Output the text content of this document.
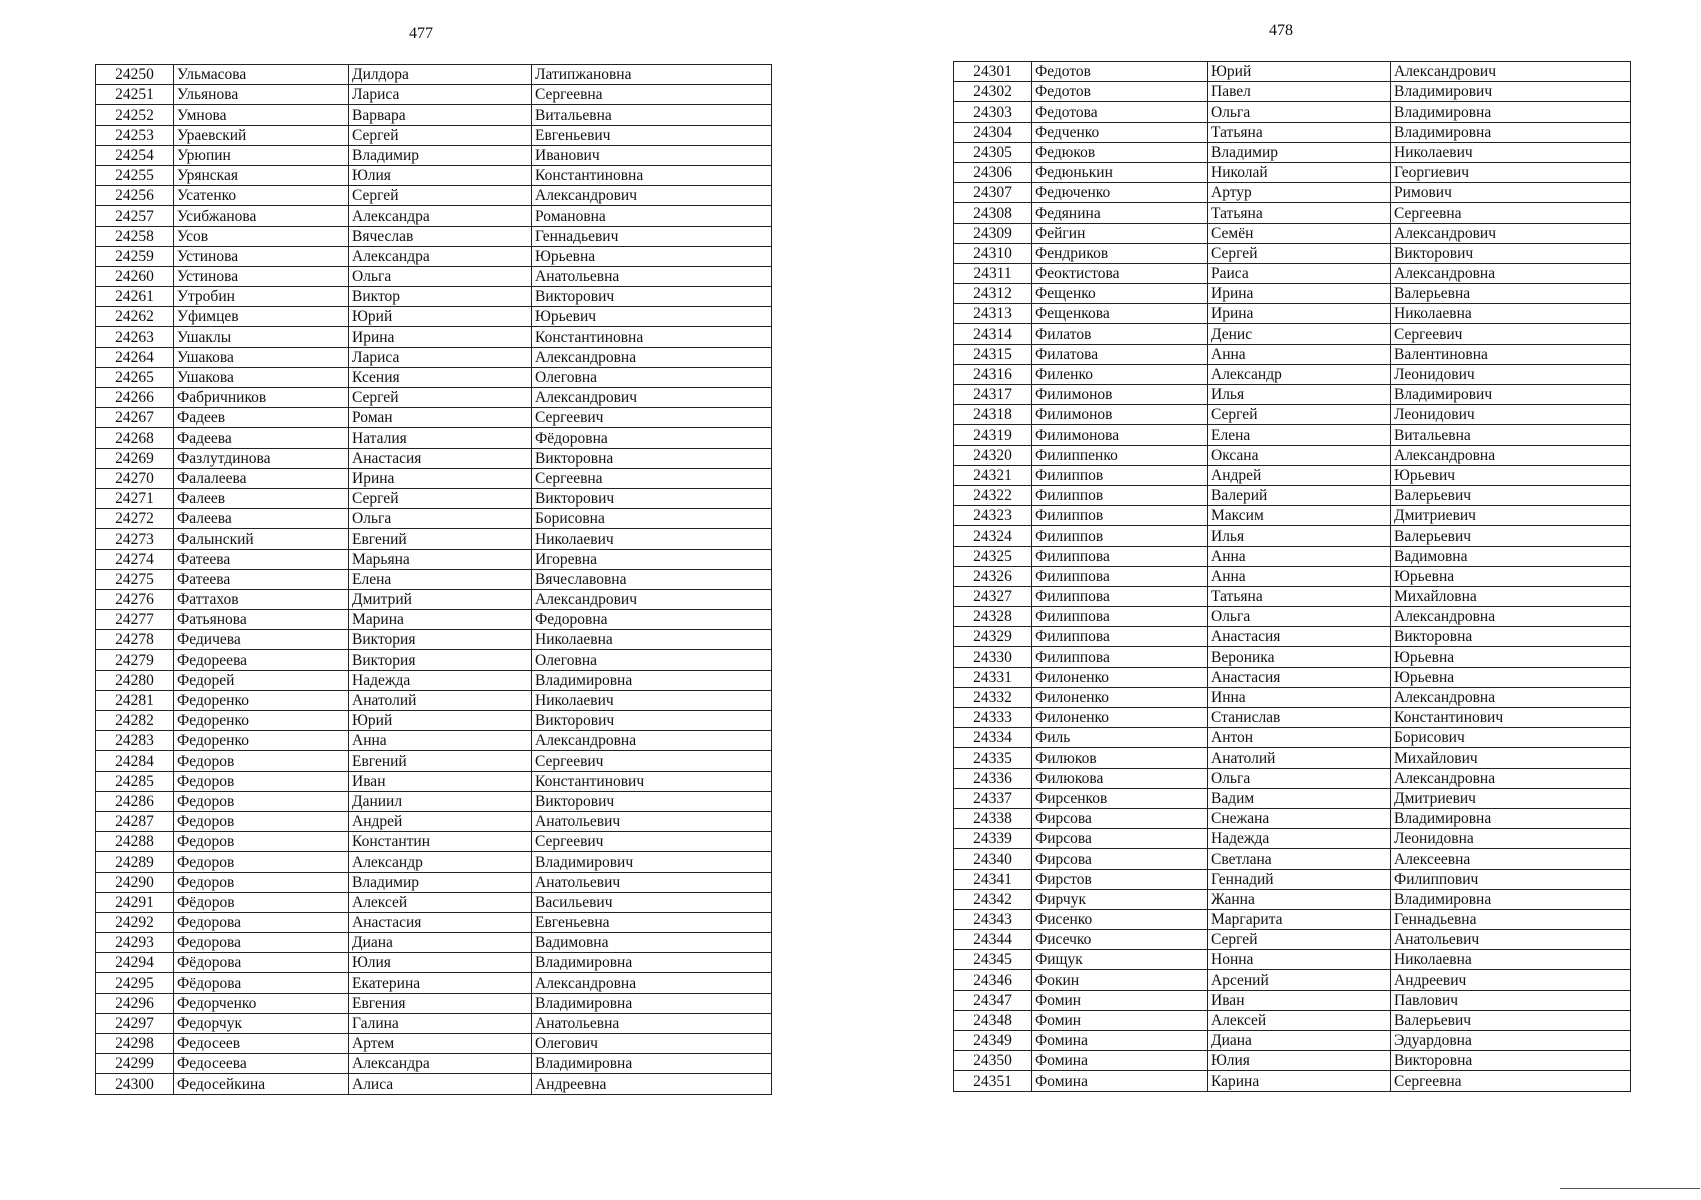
477
24250	Ульмасова	Дилдора	Латипжановна
24251	Ульянова	Лариса	Сергеевна
24252	Умнова	Варвара	Витальевна
24253	Ураевский	Сергей	Евгеньевич
24254	Урюпин	Владимир	Иванович
24255	Урянская	Юлия	Константиновна
24256	Усатенко	Сергей	Александрович
24257	Усибжанова	Александра	Романовна
24258	Усов	Вячеслав	Геннадьевич
24259	Устинова	Александра	Юрьевна
24260	Устинова	Ольга	Анатольевна
24261	Утробин	Виктор	Викторович
24262	Уфимцев	Юрий	Юрьевич
24263	Ушаклы	Ирина	Константиновна
24264	Ушакова	Лариса	Александровна
24265	Ушакова	Ксения	Олеговна
24266	Фабричников	Сергей	Александрович
24267	Фадеев	Роман	Сергеевич
24268	Фадеева	Наталия	Фёдоровна
24269	Фазлутдинова	Анастасия	Викторовна
24270	Фалалеева	Ирина	Сергеевна
24271	Фалеев	Сергей	Викторович
24272	Фалеева	Ольга	Борисовна
24273	Фалынский	Евгений	Николаевич
24274	Фатеева	Марьяна	Игоревна
24275	Фатеева	Елена	Вячеславовна
24276	Фаттахов	Дмитрий	Александрович
24277	Фатьянова	Марина	Федоровна
24278	Федичева	Виктория	Николаевна
24279	Федореева	Виктория	Олеговна
24280	Федорей	Надежда	Владимировна
24281	Федоренко	Анатолий	Николаевич
24282	Федоренко	Юрий	Викторович
24283	Федоренко	Анна	Александровна
24284	Федоров	Евгений	Сергеевич
24285	Федоров	Иван	Константинович
24286	Федоров	Даниил	Викторович
24287	Федоров	Андрей	Анатольевич
24288	Федоров	Константин	Сергеевич
24289	Федоров	Александр	Владимирович
24290	Федоров	Владимир	Анатольевич
24291	Фёдоров	Алексей	Васильевич
24292	Федорова	Анастасия	Евгеньевна
24293	Федорова	Диана	Вадимовна
24294	Фёдорова	Юлия	Владимировна
24295	Фёдорова	Екатерина	Александровна
24296	Федорченко	Евгения	Владимировна
24297	Федорчук	Галина	Анатольевна
24298	Федосеев	Артем	Олегович
24299	Федосеева	Александра	Владимировна
24300	Федосейкина	Алиса	Андреевна
478
24301	Федотов	Юрий	Александрович
24302	Федотов	Павел	Владимирович
24303	Федотова	Ольга	Владимировна
24304	Федченко	Татьяна	Владимировна
24305	Федюков	Владимир	Николаевич
24306	Федюнькин	Николай	Георгиевич
24307	Федюченко	Артур	Римович
24308	Федянина	Татьяна	Сергеевна
24309	Фейгин	Семён	Александрович
24310	Фендриков	Сергей	Викторович
24311	Феоктистова	Раиса	Александровна
24312	Фещенко	Ирина	Валерьевна
24313	Фещенкова	Ирина	Николаевна
24314	Филатов	Денис	Сергеевич
24315	Филатова	Анна	Валентиновна
24316	Филенко	Александр	Леонидович
24317	Филимонов	Илья	Владимирович
24318	Филимонов	Сергей	Леонидович
24319	Филимонова	Елена	Витальевна
24320	Филиппенко	Оксана	Александровна
24321	Филиппов	Андрей	Юрьевич
24322	Филиппов	Валерий	Валерьевич
24323	Филиппов	Максим	Дмитриевич
24324	Филиппов	Илья	Валерьевич
24325	Филиппова	Анна	Вадимовна
24326	Филиппова	Анна	Юрьевна
24327	Филиппова	Татьяна	Михайловна
24328	Филиппова	Ольга	Александровна
24329	Филиппова	Анастасия	Викторовна
24330	Филиппова	Вероника	Юрьевна
24331	Филоненко	Анастасия	Юрьевна
24332	Филоненко	Инна	Александровна
24333	Филоненко	Станислав	Константинович
24334	Филь	Антон	Борисович
24335	Филюков	Анатолий	Михайлович
24336	Филюкова	Ольга	Александровна
24337	Фирсенков	Вадим	Дмитриевич
24338	Фирсова	Снежана	Владимировна
24339	Фирсова	Надежда	Леонидовна
24340	Фирсова	Светлана	Алексеевна
24341	Фирстов	Геннадий	Филиппович
24342	Фирчук	Жанна	Владимировна
24343	Фисенко	Маргарита	Геннадьевна
24344	Фисечко	Сергей	Анатольевич
24345	Фищук	Нонна	Николаевна
24346	Фокин	Арсений	Андреевич
24347	Фомин	Иван	Павлович
24348	Фомин	Алексей	Валерьевич
24349	Фомина	Диана	Эдуардовна
24350	Фомина	Юлия	Викторовна
24351	Фомина	Карина	Сергеевна
